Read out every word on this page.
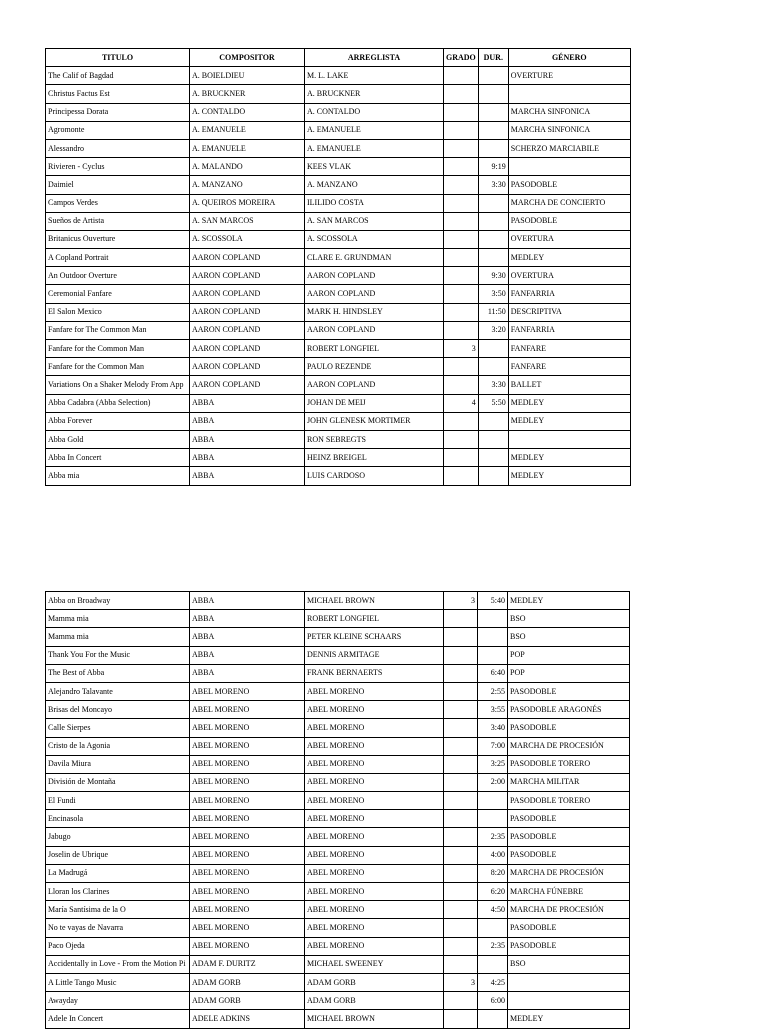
TITULO	COMPOSITOR	ARREGLISTA	GRADO	DUR.	GÉNERO
The Calif of Bagdad	A. BOIELDIEU	M. L. LAKE			OVERTURE
Christus Factus Est	A. BRUCKNER	A. BRUCKNER			
Principessa Dorata	A. CONTALDO	A. CONTALDO			MARCHA SINFONICA
Agromonte	A. EMANUELE	A. EMANUELE			MARCHA SINFONICA
Alessandro	A. EMANUELE	A. EMANUELE			SCHERZO MARCIABILE
Rivieren - Cyclus	A. MALANDO	KEES VLAK		9:19	
Daimiel	A. MANZANO	A. MANZANO		3:30	PASODOBLE
Campos Verdes	A. QUEIROS MOREIRA	ILILIDO COSTA			MARCHA DE CONCIERTO
Sueños de Artista	A. SAN MARCOS	A. SAN MARCOS			PASODOBLE
Britanicus Ouverture	A. SCOSSOLA	A. SCOSSOLA			OVERTURA
A Copland Portrait	AARON COPLAND	CLARE E. GRUNDMAN			MEDLEY
An Outdoor Overture	AARON COPLAND	AARON COPLAND		9:30	OVERTURA
Ceremonial Fanfare	AARON COPLAND	AARON COPLAND		3:50	FANFARRIA
El Salon Mexico	AARON COPLAND	MARK H. HINDSLEY		11:50	DESCRIPTIVA
Fanfare for The Common Man	AARON COPLAND	AARON COPLAND		3:20	FANFARRIA
Fanfare for the Common Man	AARON COPLAND	ROBERT LONGFIEL	3		FANFARE
Fanfare for the Common Man	AARON COPLAND	PAULO REZENDE			FANFARE
Variations On a Shaker Melody From App	AARON COPLAND	AARON COPLAND		3:30	BALLET
Abba Cadabra (Abba Selection)	ABBA	JOHAN DE MEIJ	4	5:50	MEDLEY
Abba Forever	ABBA	JOHN GLENESK MORTIMER			MEDLEY
Abba Gold	ABBA	RON SEBREGTS			
Abba In Concert	ABBA	HEINZ BREIGEL			MEDLEY
Abba mia	ABBA	LUIS CARDOSO			MEDLEY
Abba on Broadway	ABBA	MICHAEL BROWN	3	5:40	MEDLEY
Mamma mia	ABBA	ROBERT LONGFIEL			BSO
Mamma mia	ABBA	PETER KLEINE SCHAARS			BSO
Thank You For the Music	ABBA	DENNIS ARMITAGE			POP
The Best of Abba	ABBA	FRANK BERNAERTS		6:40	POP
Alejandro Talavante	ABEL MORENO	ABEL MORENO		2:55	PASODOBLE
Brisas del Moncayo	ABEL MORENO	ABEL MORENO		3:55	PASODOBLE ARAGONÉS
Calle Sierpes	ABEL MORENO	ABEL MORENO		3:40	PASODOBLE
Cristo de la Agonia	ABEL MORENO	ABEL MORENO		7:00	MARCHA DE PROCESIÓN
Davila Miura	ABEL MORENO	ABEL MORENO		3:25	PASODOBLE TORERO
División de Montaña	ABEL MORENO	ABEL MORENO		2:00	MARCHA MILITAR
El Fundi	ABEL MORENO	ABEL MORENO			PASODOBLE TORERO
Encinasola	ABEL MORENO	ABEL MORENO			PASODOBLE
Jabugo	ABEL MORENO	ABEL MORENO		2:35	PASODOBLE
Joselin de Ubrique	ABEL MORENO	ABEL MORENO		4:00	PASODOBLE
La Madrugá	ABEL MORENO	ABEL MORENO		8:20	MARCHA DE PROCESIÓN
Lloran los Clarines	ABEL MORENO	ABEL MORENO		6:20	MARCHA FÚNEBRE
María Santísima de la O	ABEL MORENO	ABEL MORENO		4:50	MARCHA DE PROCESIÓN
No te vayas de Navarra	ABEL MORENO	ABEL MORENO			PASODOBLE
Paco Ojeda	ABEL MORENO	ABEL MORENO		2:35	PASODOBLE
Accidentally in Love - From the Motion Pi	ADAM F. DURITZ	MICHAEL SWEENEY			BSO
A Little Tango Music	ADAM GORB	ADAM GORB	3	4:25	
Awayday	ADAM GORB	ADAM GORB		6:00	
Adele In Concert	ADELE ADKINS	MICHAEL BROWN			MEDLEY
